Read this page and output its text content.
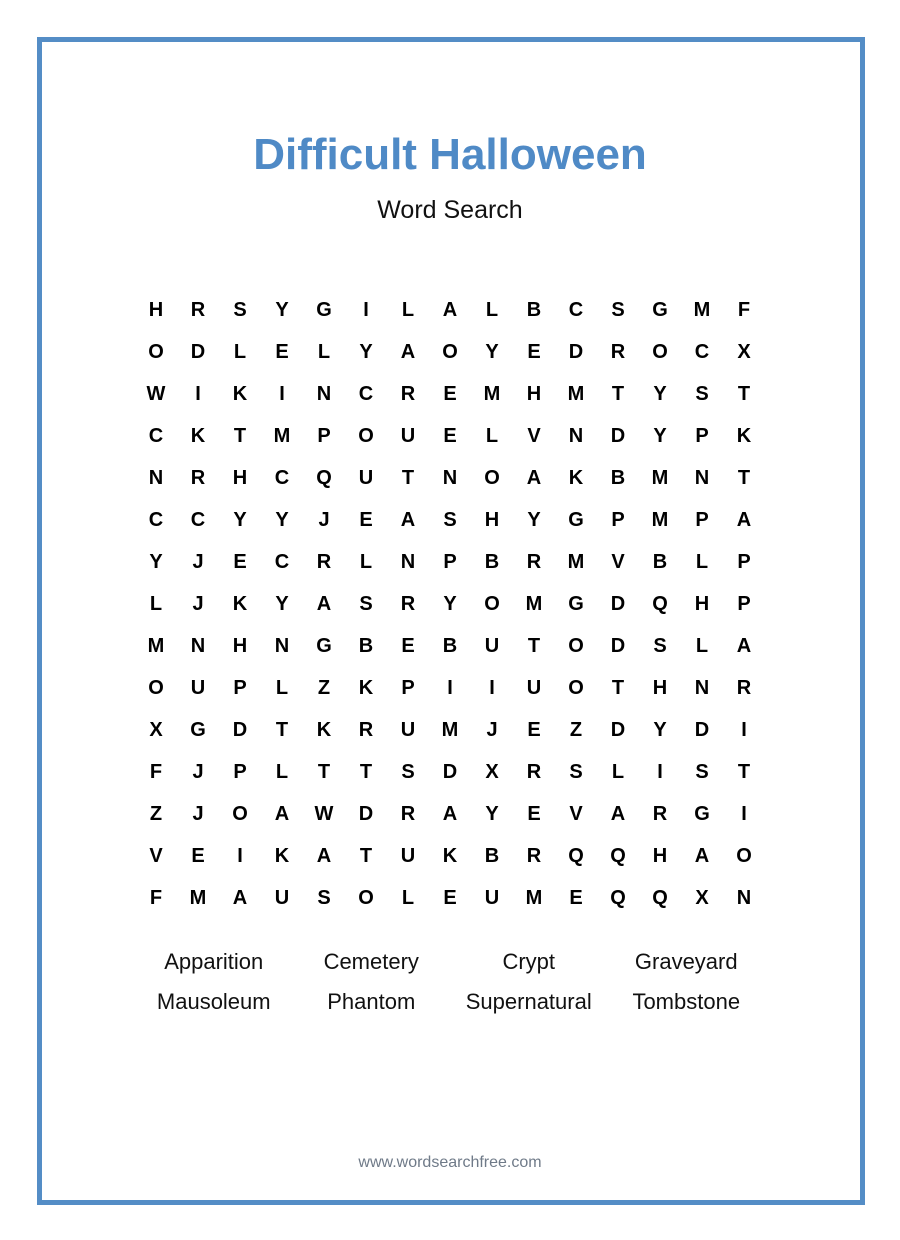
Difficult Halloween
Word Search
H	R	S	Y	G	I	L	A	L	B	C	S	G	M	F
O	D	L	E	L	Y	A	O	Y	E	D	R	O	C	X
W	I	K	I	N	C	R	E	M	H	M	T	Y	S	T
C	K	T	M	P	O	U	E	L	V	N	D	Y	P	K
N	R	H	C	Q	U	T	N	O	A	K	B	M	N	T
C	C	Y	Y	J	E	A	S	H	Y	G	P	M	P	A
Y	J	E	C	R	L	N	P	B	R	M	V	B	L	P
L	J	K	Y	A	S	R	Y	O	M	G	D	Q	H	P
M	N	H	N	G	B	E	B	U	T	O	D	S	L	A
O	U	P	L	Z	K	P	I	I	U	O	T	H	N	R
X	G	D	T	K	R	U	M	J	E	Z	D	Y	D	I
F	J	P	L	T	T	S	D	X	R	S	L	I	S	T
Z	J	O	A	W	D	R	A	Y	E	V	A	R	G	I
V	E	I	K	A	T	U	K	B	R	Q	Q	H	A	O
F	M	A	U	S	O	L	E	U	M	E	Q	Q	X	N
Apparition	Cemetery	Crypt	Graveyard
Mausoleum	Phantom	Supernatural	Tombstone
www.wordsearchfree.com
